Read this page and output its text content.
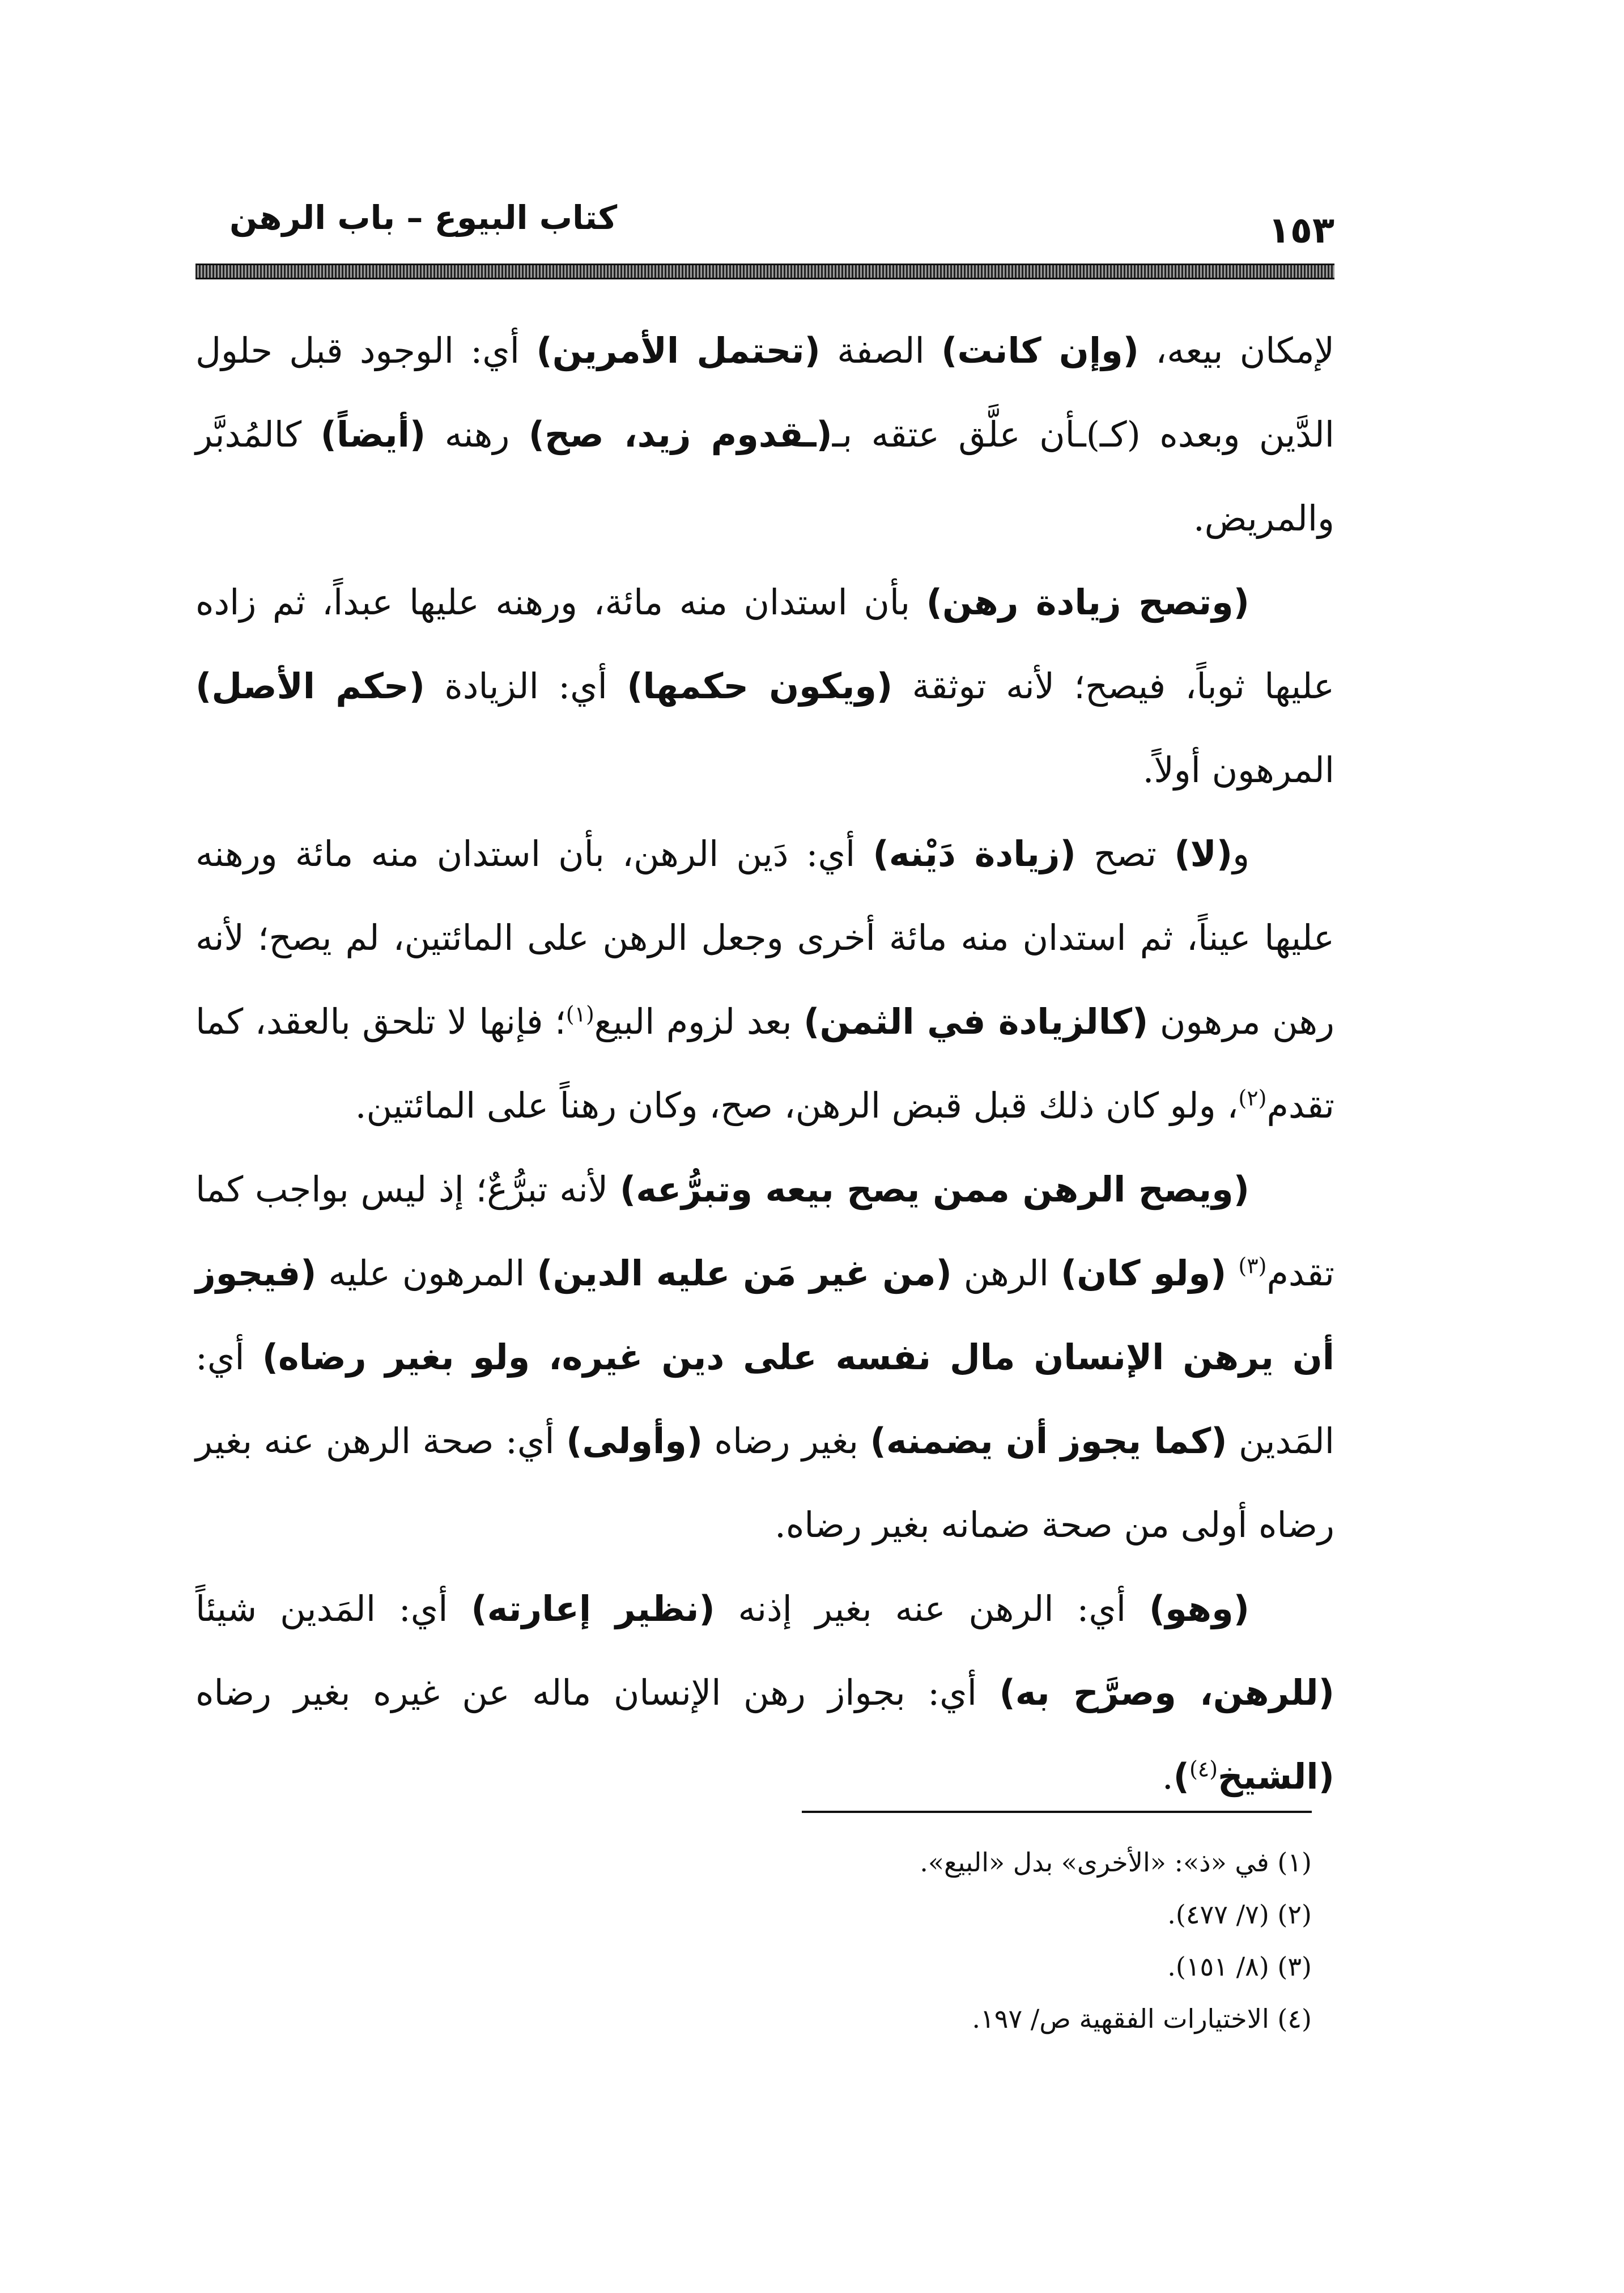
كتاب البيوع – باب الرهن	١٥٣

لإمكان بيعه، (وإن كانت) الصفة (تحتمل الأمرين) أي: الوجود قبل حلول الدَّين وبعده (كـ)ـأن علَّق عتقه بـ(ـقدوم زيد، صح) رهنه (أيضاً) كالمُدبَّر والمريض.

(وتصح زيادة رهن) بأن استدان منه مائة، ورهنه عليها عبداً، ثم زاده عليها ثوباً، فيصح؛ لأنه توثقة (ويكون حكمها) أي: الزيادة (حكم الأصل) المرهون أولاً.

و(لا) تصح (زيادة دَيْنه) أي: دَين الرهن، بأن استدان منه مائة ورهنه عليها عيناً، ثم استدان منه مائة أخرى وجعل الرهن على المائتين، لم يصح؛ لأنه رهن مرهون (كالزيادة في الثمن) بعد لزوم البيع$^{(١)}$؛ فإنها لا تلحق بالعقد، كما تقدم$^{(٢)}$، ولو كان ذلك قبل قبض الرهن، صح، وكان رهناً على المائتين.

(ويصح الرهن ممن يصح بيعه وتبرُّعه) لأنه تبرُّعٌ؛ إذ ليس بواجب كما تقدم$^{(٣)}$ (ولو كان) الرهن (من غير مَن عليه الدين) المرهون عليه (فيجوز أن يرهن الإنسان مال نفسه على دين غيره، ولو بغير رضاه) أي: المَدين (كما يجوز أن يضمنه) بغير رضاه (وأولى) أي: صحة الرهن عنه بغير رضاه أولى من صحة ضمانه بغير رضاه.

(وهو) أي: الرهن عنه بغير إذنه (نظير إعارته) أي: المَدين شيئاً (للرهن، وصرَّح به) أي: بجواز رهن الإنسان ماله عن غيره بغير رضاه (الشيخ$^{(٤)}$).

(١) في «ذ»: «الأخرى» بدل «البيع».
(٢) (٧/ ٤٧٧).
(٣) (٨/ ١٥١).
(٤) الاختيارات الفقهية ص/ ١٩٧.
